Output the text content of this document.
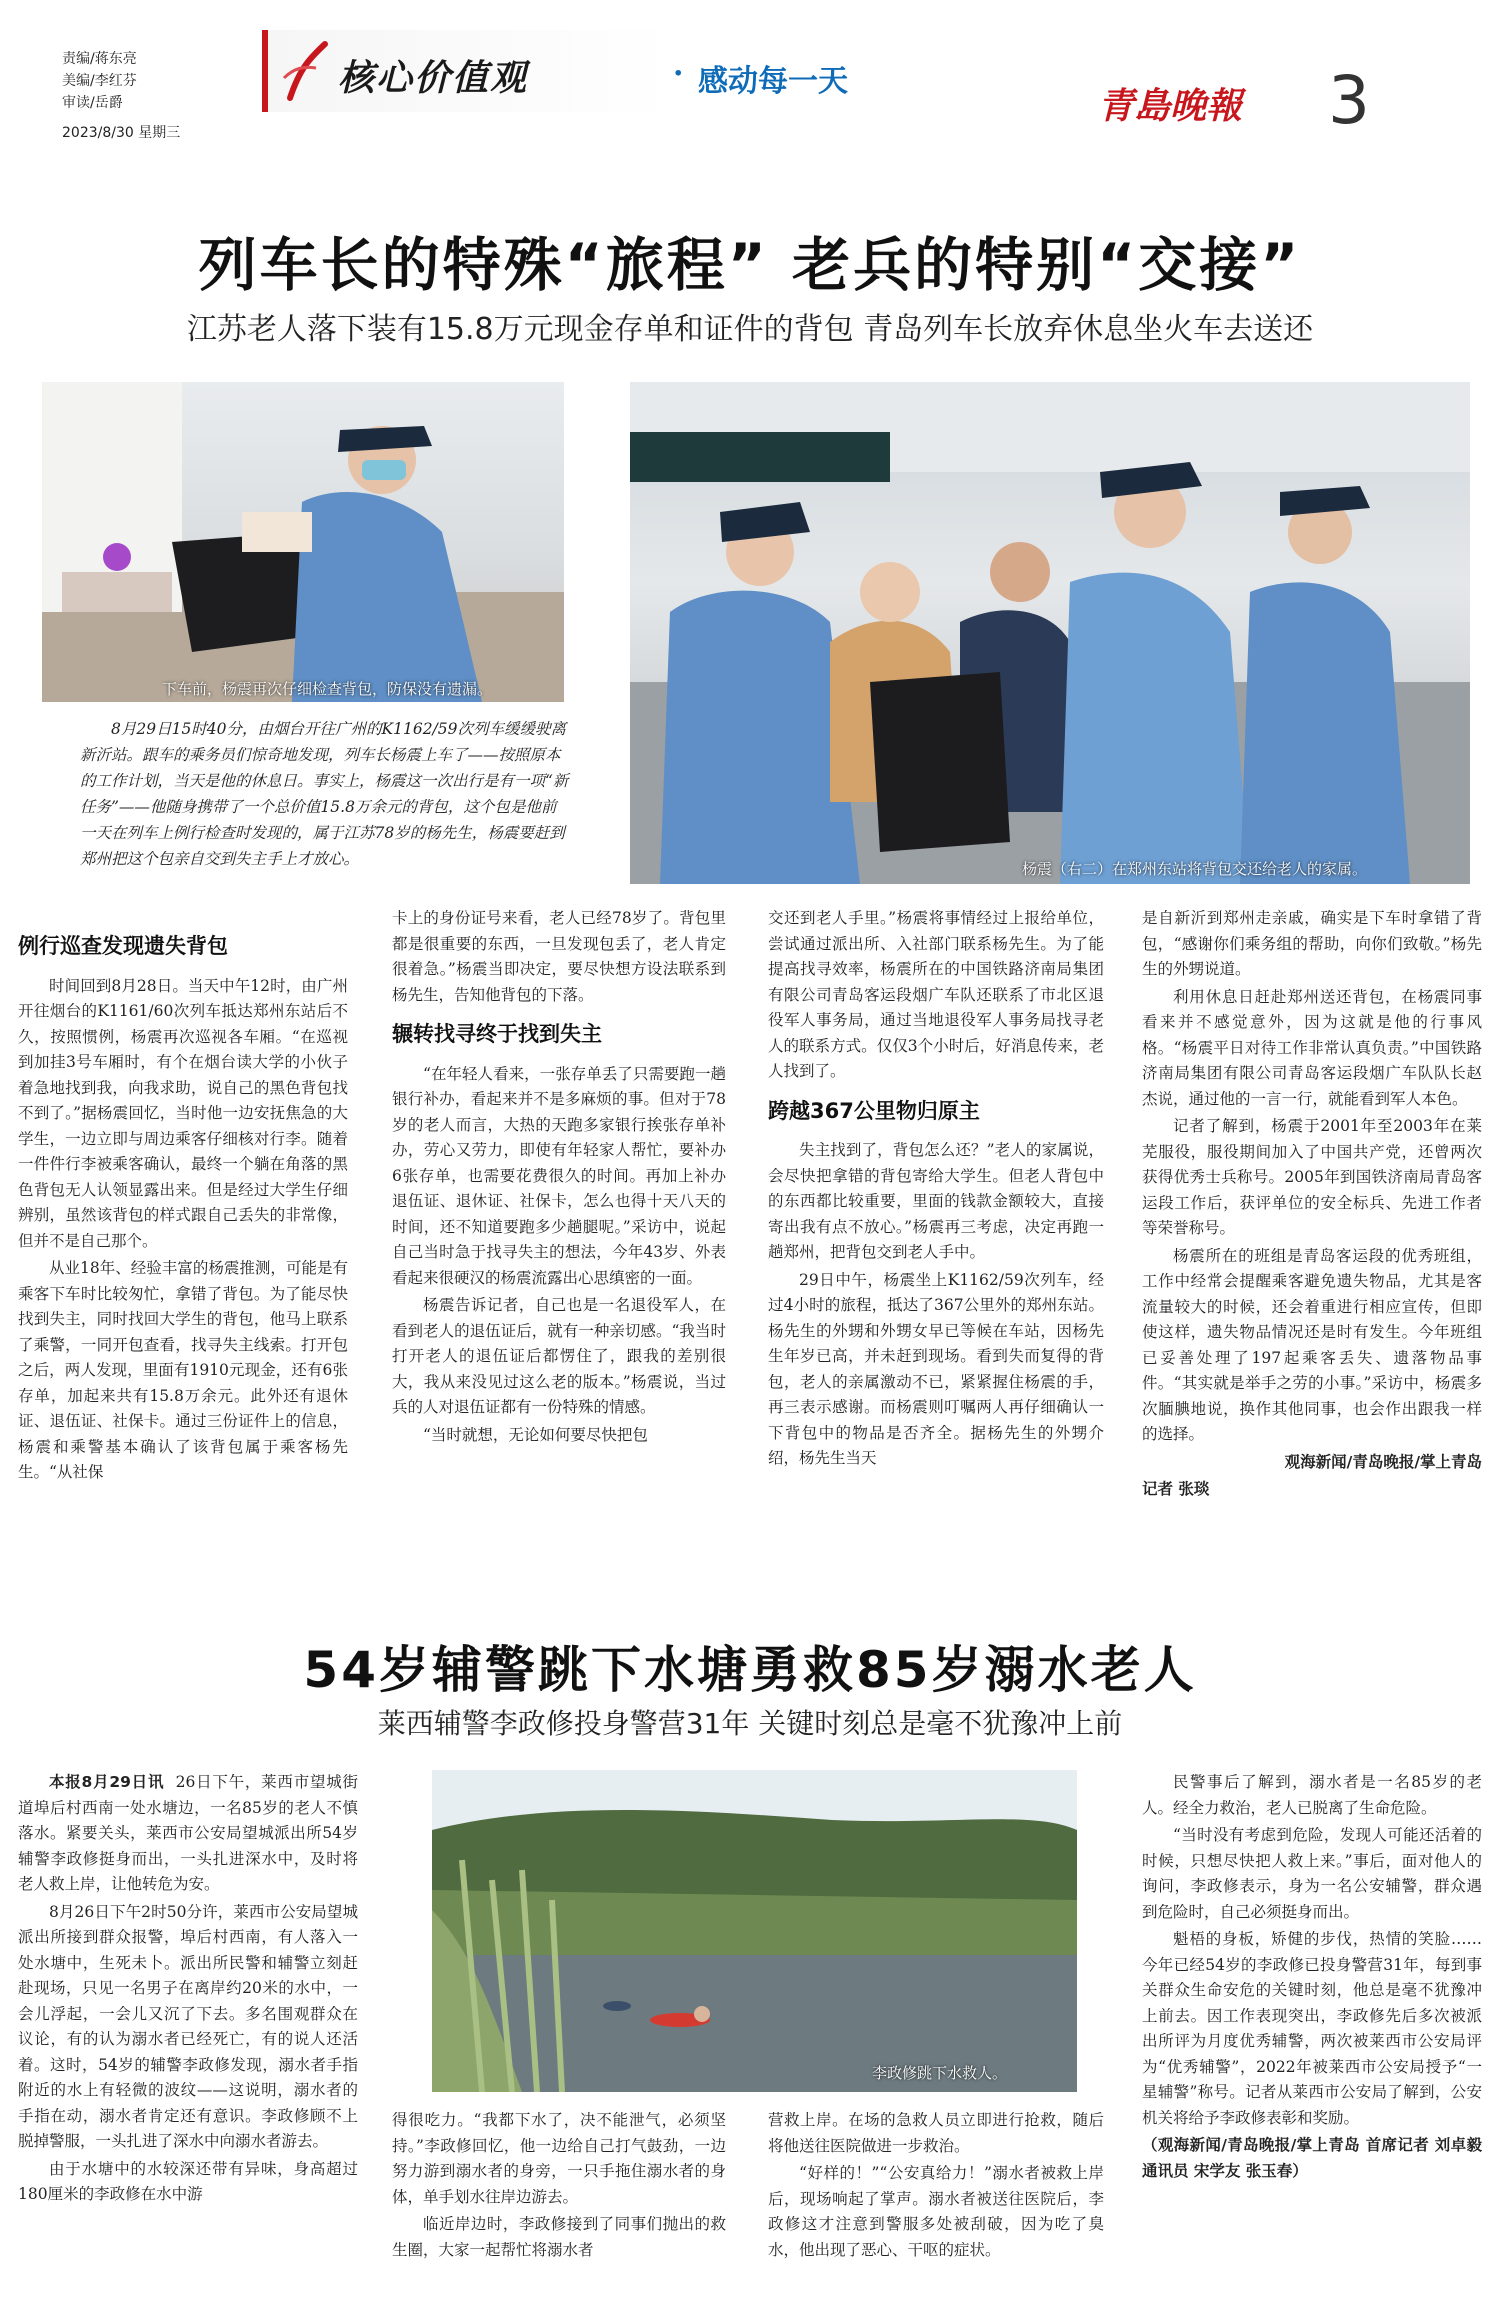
责编/蒋东亮
美编/李红芬
审读/岳爵
2023/8/30 星期三
核心价值观	· 感动每一天
青島晚報 3
列车长的特殊“旅程” 老兵的特别“交接”
江苏老人落下装有15.8万元现金存单和证件的背包 青岛列车长放弃休息坐火车去送还
下车前，杨震再次仔细检查背包，防保没有遗漏。
杨震（右二）在郑州东站将背包交还给老人的家属。
8月29日15时40分，由烟台开往广州的K1162/59次列车缓缓驶离新沂站。跟车的乘务员们惊奇地发现，列车长杨震上车了——按照原本的工作计划，当天是他的休息日。事实上，杨震这一次出行是有一项“新任务”——他随身携带了一个总价值15.8万余元的背包，这个包是他前一天在列车上例行检查时发现的，属于江苏78岁的杨先生，杨震要赶到郑州把这个包亲自交到失主手上才放心。
例行巡查发现遗失背包

时间回到8月28日。当天中午12时，由广州开往烟台的K1161/60次列车抵达郑州东站后不久，按照惯例，杨震再次巡视各车厢。“在巡视到加挂3号车厢时，有个在烟台读大学的小伙子着急地找到我，向我求助，说自己的黑色背包找不到了。”据杨震回忆，当时他一边安抚焦急的大学生，一边立即与周边乘客仔细核对行李。随着一件件行李被乘客确认，最终一个躺在角落的黑色背包无人认领显露出来。但是经过大学生仔细辨别，虽然该背包的样式跟自己丢失的非常像，但并不是自己那个。

从业18年、经验丰富的杨震推测，可能是有乘客下车时比较匆忙，拿错了背包。为了能尽快找到失主，同时找回大学生的背包，他马上联系了乘警，一同开包查看，找寻失主线索。打开包之后，两人发现，里面有1910元现金，还有6张存单，加起来共有15.8万余元。此外还有退休证、退伍证、社保卡。通过三份证件上的信息，杨震和乘警基本确认了该背包属于乘客杨先生。“从社保

卡上的身份证号来看，老人已经78岁了。背包里都是很重要的东西，一旦发现包丢了，老人肯定很着急。”杨震当即决定，要尽快想方设法联系到杨先生，告知他背包的下落。

辗转找寻终于找到失主

“在年轻人看来，一张存单丢了只需要跑一趟银行补办，看起来并不是多麻烦的事。但对于78岁的老人而言，大热的天跑多家银行挨张存单补办，劳心又劳力，即使有年轻家人帮忙，要补办6张存单，也需要花费很久的时间。再加上补办退伍证、退休证、社保卡，怎么也得十天八天的时间，还不知道要跑多少趟腿呢。”采访中，说起自己当时急于找寻失主的想法，今年43岁、外表看起来很硬汉的杨震流露出心思缜密的一面。

杨震告诉记者，自己也是一名退役军人，在看到老人的退伍证后，就有一种亲切感。“我当时打开老人的退伍证后都愣住了，跟我的差别很大，我从来没见过这么老的版本。”杨震说，当过兵的人对退伍证都有一份特殊的情感。

“当时就想，无论如何要尽快把包

交还到老人手里。”杨震将事情经过上报给单位，尝试通过派出所、入社部门联系杨先生。为了能提高找寻效率，杨震所在的中国铁路济南局集团有限公司青岛客运段烟广车队还联系了市北区退役军人事务局，通过当地退役军人事务局找寻老人的联系方式。仅仅3个小时后，好消息传来，老人找到了。

跨越367公里物归原主

失主找到了，背包怎么还？”老人的家属说，会尽快把拿错的背包寄给大学生。但老人背包中的东西都比较重要，里面的钱款金额较大，直接寄出我有点不放心。”杨震再三考虑，决定再跑一趟郑州，把背包交到老人手中。

29日中午，杨震坐上K1162/59次列车，经过4小时的旅程，抵达了367公里外的郑州东站。杨先生的外甥和外甥女早已等候在车站，因杨先生年岁已高，并未赶到现场。看到失而复得的背包，老人的亲属激动不已，紧紧握住杨震的手，再三表示感谢。而杨震则叮嘱两人再仔细确认一下背包中的物品是否齐全。据杨先生的外甥介绍，杨先生当天

是自新沂到郑州走亲戚，确实是下车时拿错了背包，“感谢你们乘务组的帮助，向你们致敬。”杨先生的外甥说道。

利用休息日赶赴郑州送还背包，在杨震同事看来并不感觉意外，因为这就是他的行事风格。“杨震平日对待工作非常认真负责。”中国铁路济南局集团有限公司青岛客运段烟广车队队长赵杰说，通过他的一言一行，就能看到军人本色。

记者了解到，杨震于2001年至2003年在莱芜服役，服役期间加入了中国共产党，还曾两次获得优秀士兵称号。2005年到国铁济南局青岛客运段工作后，获评单位的安全标兵、先进工作者等荣誉称号。

杨震所在的班组是青岛客运段的优秀班组，工作中经常会提醒乘客避免遗失物品，尤其是客流量较大的时候，还会着重进行相应宣传，但即使这样，遗失物品情况还是时有发生。今年班组已妥善处理了197起乘客丢失、遗落物品事件。“其实就是举手之劳的小事。”采访中，杨震多次腼腆地说，换作其他同事，也会作出跟我一样的选择。

观海新闻/青岛晚报/掌上青岛

记者 张琰

54岁辅警跳下水塘勇救85岁溺水老人
莱西辅警李政修投身警营31年 关键时刻总是毫不犹豫冲上前
李政修跳下水救人。

本报8月29日讯 26日下午，莱西市望城街道埠后村西南一处水塘边，一名85岁的老人不慎落水。紧要关头，莱西市公安局望城派出所54岁辅警李政修挺身而出，一头扎进深水中，及时将老人救上岸，让他转危为安。

8月26日下午2时50分许，莱西市公安局望城派出所接到群众报警，埠后村西南，有人落入一处水塘中，生死未卜。派出所民警和辅警立刻赶赴现场，只见一名男子在离岸约20米的水中，一会儿浮起，一会儿又沉了下去。多名围观群众在议论，有的认为溺水者已经死亡，有的说人还活着。这时，54岁的辅警李政修发现，溺水者手指附近的水上有轻微的波纹——这说明，溺水者的手指在动，溺水者肯定还有意识。李政修顾不上脱掉警服，一头扎进了深水中向溺水者游去。

由于水塘中的水较深还带有异味，身高超过180厘米的李政修在水中游

得很吃力。“我都下水了，决不能泄气，必须坚持。”李政修回忆，他一边给自己打气鼓劲，一边努力游到溺水者的身旁，一只手拖住溺水者的身体，单手划水往岸边游去。

临近岸边时，李政修接到了同事们抛出的救生圈，大家一起帮忙将溺水者

营救上岸。在场的急救人员立即进行抢救，随后将他送往医院做进一步救治。

“好样的！”“公安真给力！”溺水者被救上岸后，现场响起了掌声。溺水者被送往医院后，李政修这才注意到警服多处被刮破，因为吃了臭水，他出现了恶心、干呕的症状。

民警事后了解到，溺水者是一名85岁的老人。经全力救治，老人已脱离了生命危险。

“当时没有考虑到危险，发现人可能还活着的时候，只想尽快把人救上来。”事后，面对他人的询问，李政修表示，身为一名公安辅警，群众遇到危险时，自己必须挺身而出。

魁梧的身板，矫健的步伐，热情的笑脸……今年已经54岁的李政修已投身警营31年，每到事关群众生命安危的关键时刻，他总是毫不犹豫冲上前去。因工作表现突出，李政修先后多次被派出所评为月度优秀辅警，两次被莱西市公安局评为“优秀辅警”，2022年被莱西市公安局授予“一星辅警”称号。记者从莱西市公安局了解到，公安机关将给予李政修表彰和奖励。

（观海新闻/青岛晚报/掌上青岛 首席记者 刘卓毅 通讯员 宋学友 张玉春）
